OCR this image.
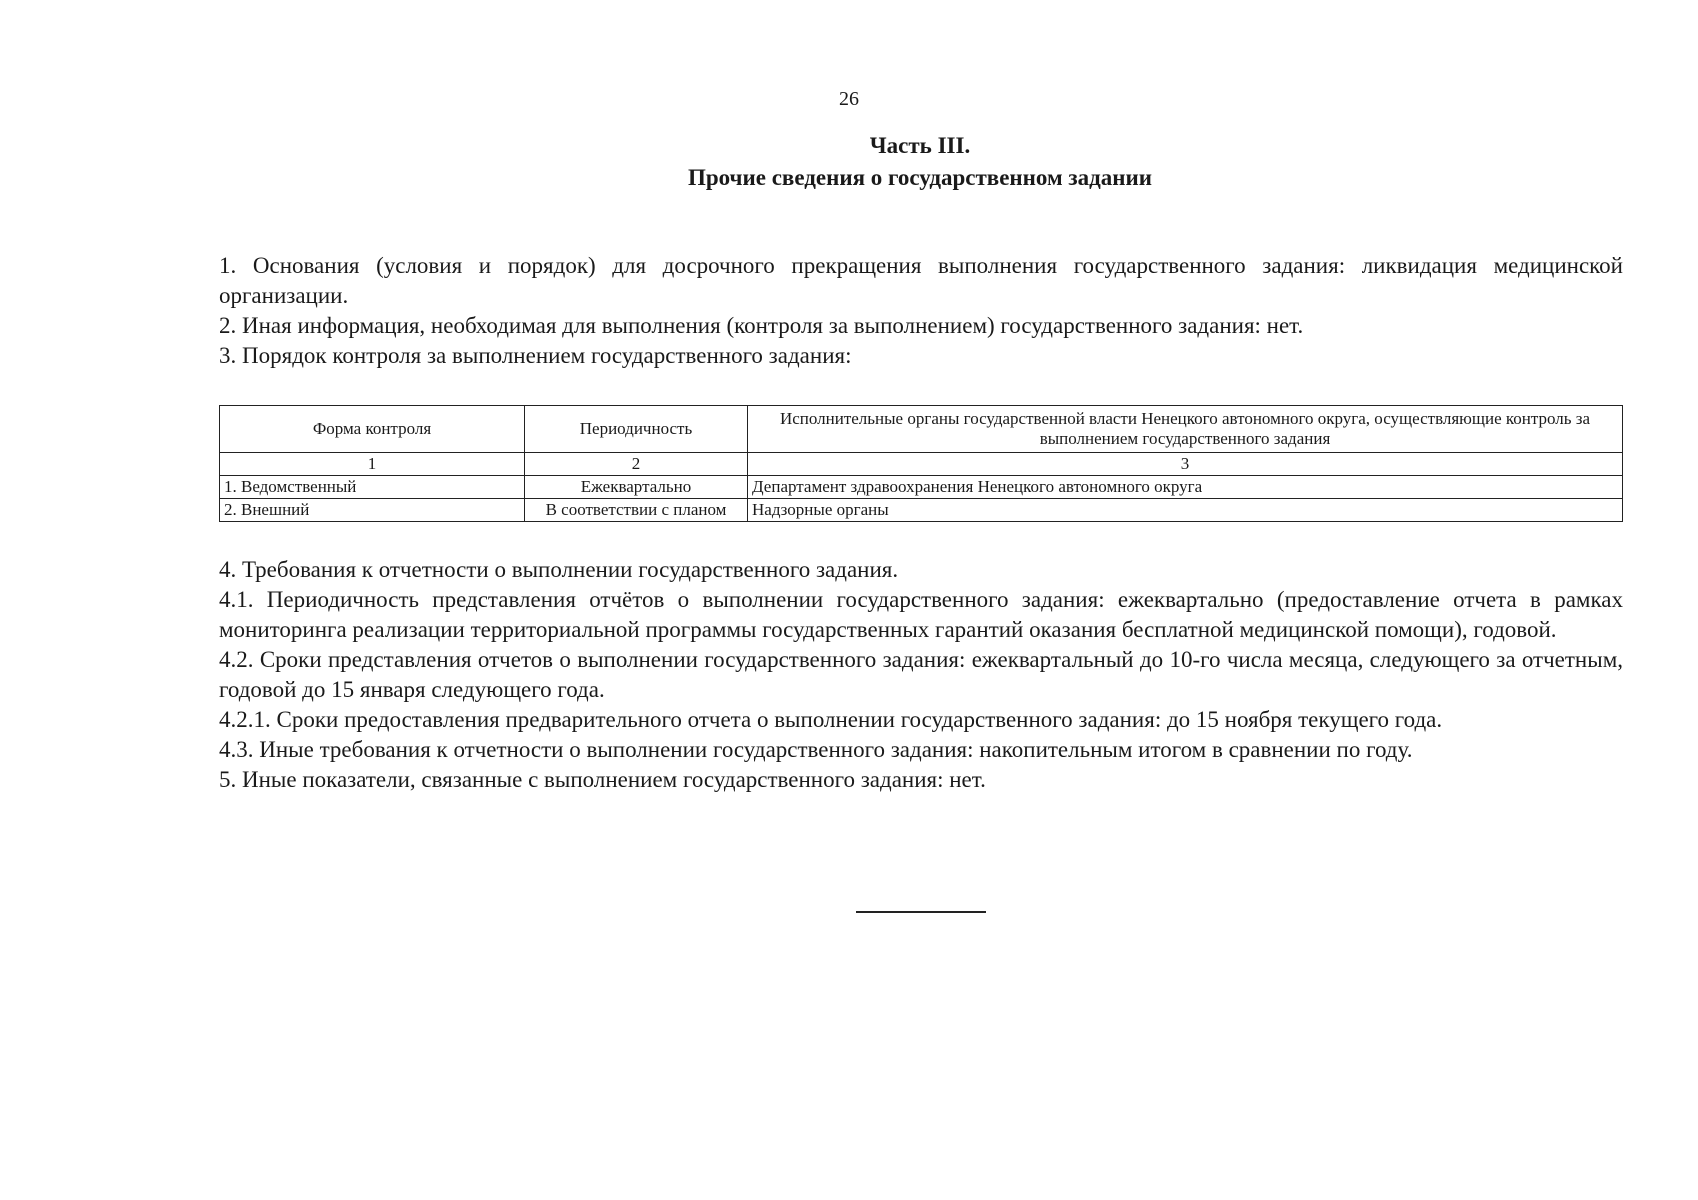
26
Часть III.
Прочие сведения о государственном задании

1. Основания (условия и порядок) для досрочного прекращения выполнения государственного задания: ликвидация медицинской организации.

2. Иная информация, необходимая для выполнения (контроля за выполнением) государственного задания: нет.

3. Порядок контроля за выполнением государственного задания:

Форма контроля	Периодичность	Исполнительные органы государственной власти Ненецкого автономного округа, осуществляющие контроль за выполнением государственного задания
1	2	3
1. Ведомственный	Ежеквартально	Департамент здравоохранения Ненецкого автономного округа
2. Внешний	В соответствии с планом	Надзорные органы

4. Требования к отчетности о выполнении государственного задания.

4.1. Периодичность представления отчётов о выполнении государственного задания: ежеквартально (предоставление отчета в рамках мониторинга реализации территориальной программы государственных гарантий оказания бесплатной медицинской помощи), годовой.

4.2. Сроки представления отчетов о выполнении государственного задания: ежеквартальный до 10-го числа месяца, следующего за отчетным, годовой до 15 января следующего года.

4.2.1. Сроки предоставления предварительного отчета о выполнении государственного задания: до 15 ноября текущего года.

4.3. Иные требования к отчетности о выполнении государственного задания: накопительным итогом в сравнении по году.

5. Иные показатели, связанные с выполнением государственного задания: нет.
